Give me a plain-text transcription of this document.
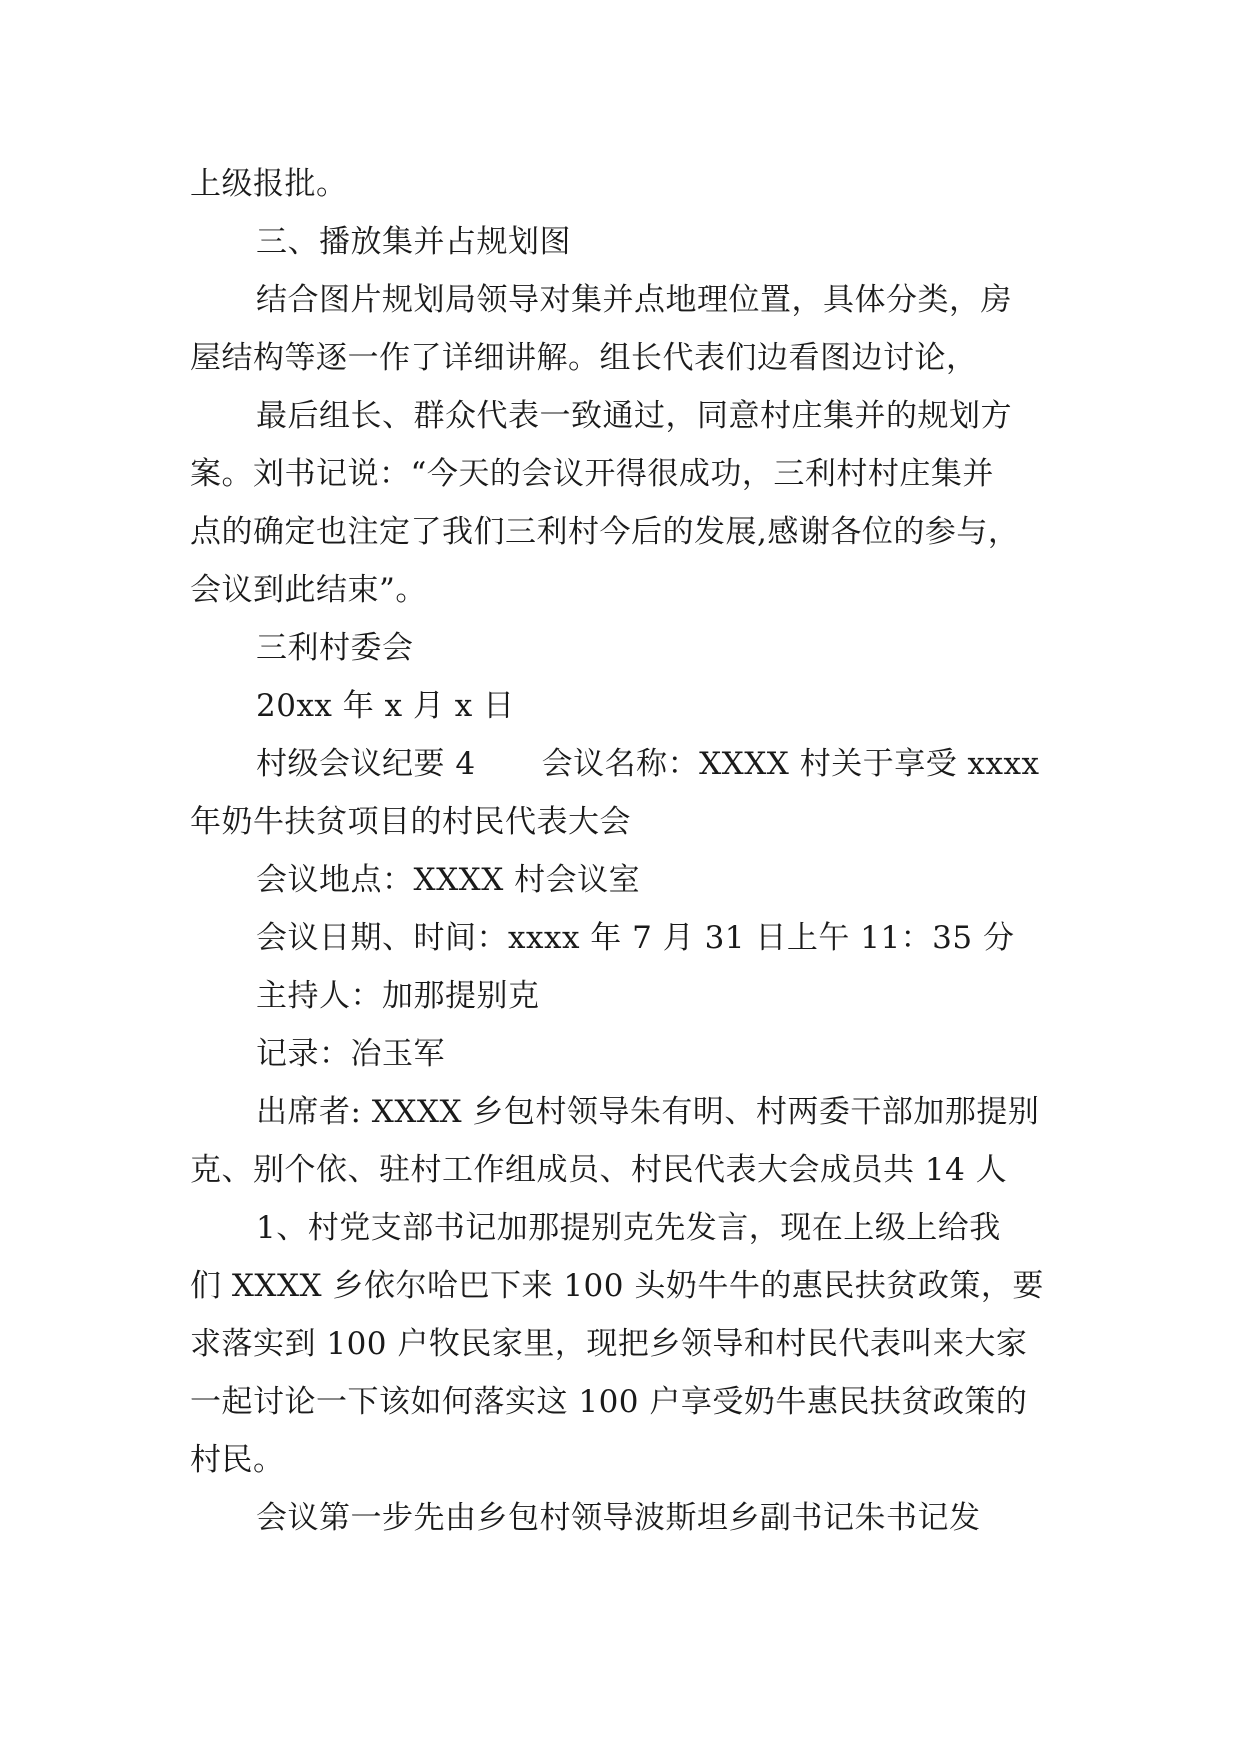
上级报批。
三、播放集并占规划图
结合图片规划局领导对集并点地理位置，具体分类，房
屋结构等逐一作了详细讲解。组长代表们边看图边讨论，
最后组长、群众代表一致通过，同意村庄集并的规划方
案。刘书记说：“今天的会议开得很成功，三利村村庄集并
点的确定也注定了我们三利村今后的发展,感谢各位的参与，
会议到此结束”。
三利村委会
20xx 年 x 月 x 日
村级会议纪要 4 会议名称：XXXX 村关于享受 xxxx
年奶牛扶贫项目的村民代表大会
会议地点：XXXX 村会议室
会议日期、时间：xxxx 年 7 月 31 日上午 11：35 分
主持人：加那提别克
记录：冶玉军
出席者: XXXX 乡包村领导朱有明、村两委干部加那提别
克、别个依、驻村工作组成员、村民代表大会成员共 14 人
1、村党支部书记加那提别克先发言，现在上级上给我
们 XXXX 乡依尔哈巴下来 100 头奶牛牛的惠民扶贫政策，要
求落实到 100 户牧民家里，现把乡领导和村民代表叫来大家
一起讨论一下该如何落实这 100 户享受奶牛惠民扶贫政策的
村民。
会议第一步先由乡包村领导波斯坦乡副书记朱书记发
